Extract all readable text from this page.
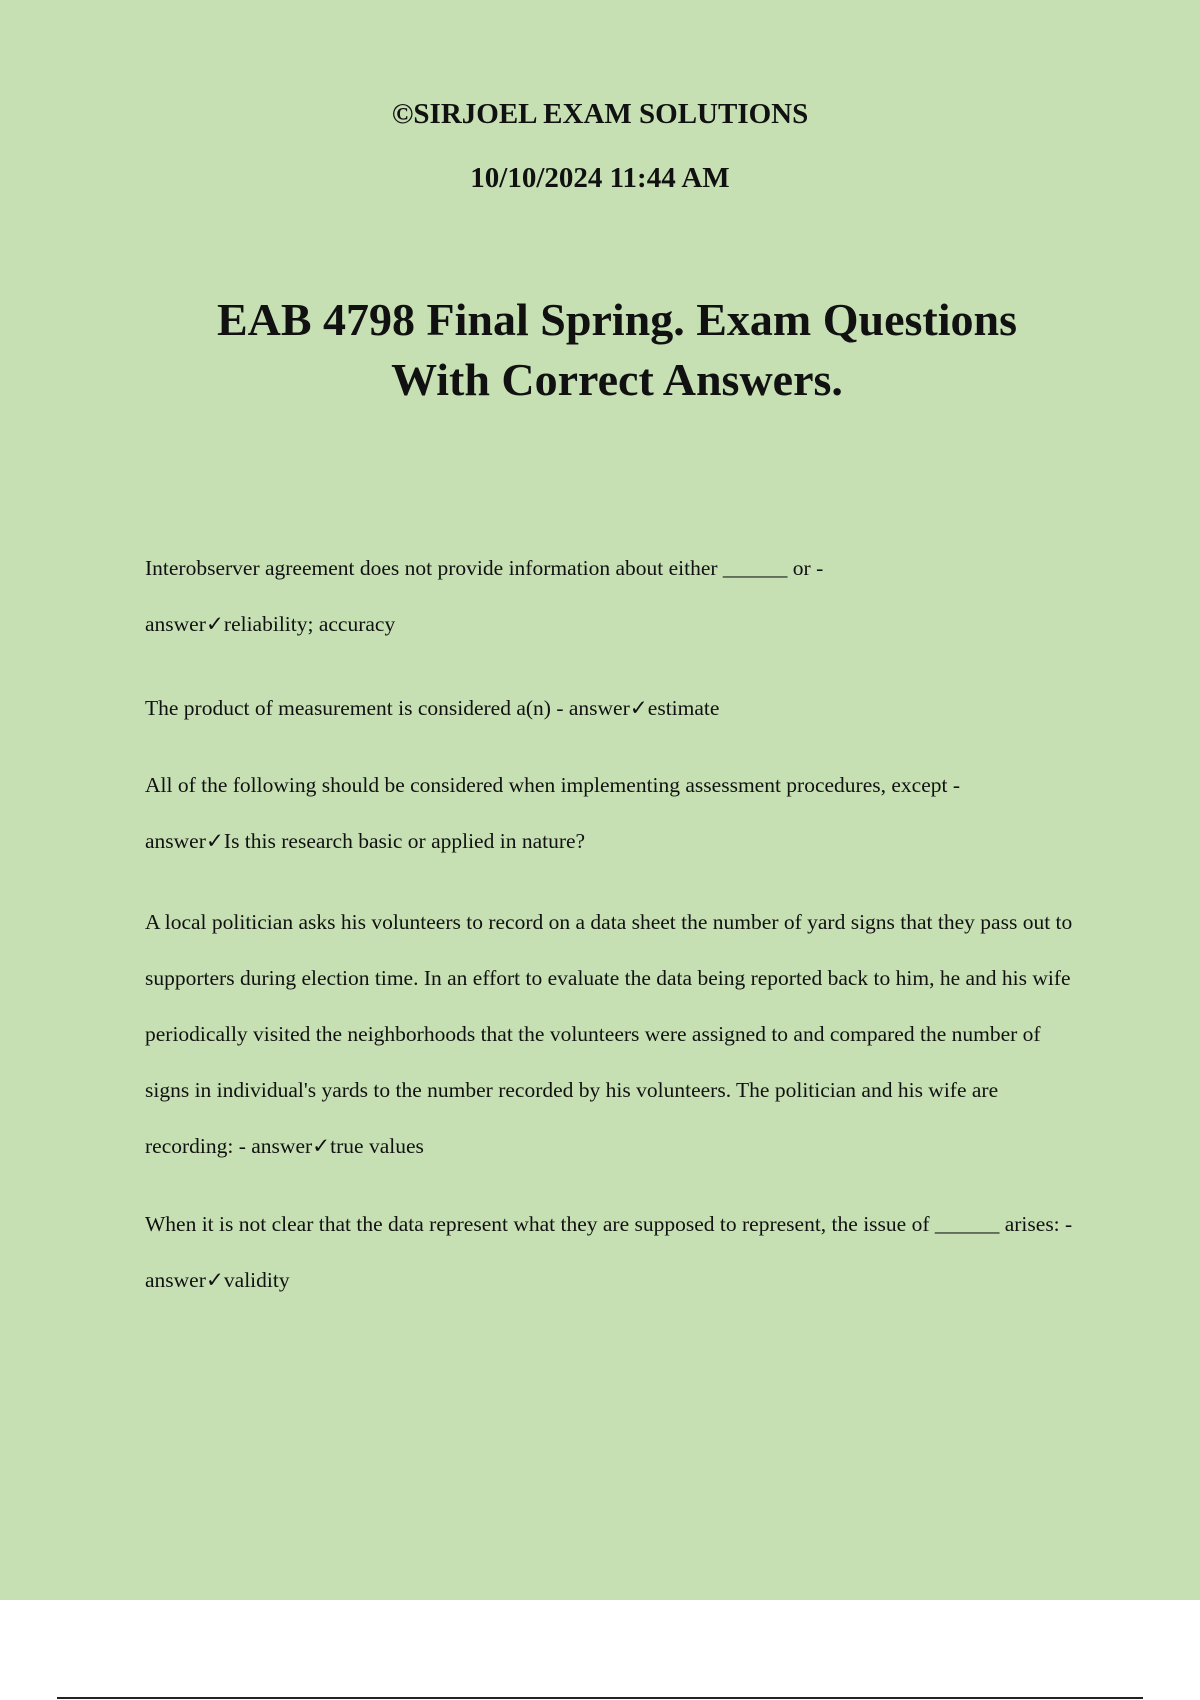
©SIRJOEL EXAM SOLUTIONS
10/10/2024 11:44 AM
EAB 4798 Final Spring. Exam Questions
With Correct Answers.
Interobserver agreement does not provide information about either ______ or -
answer✓reliability; accuracy
The product of measurement is considered a(n) - answer✓estimate
All of the following should be considered when implementing assessment procedures, except -
answer✓Is this research basic or applied in nature?
A local politician asks his volunteers to record on a data sheet the number of yard signs that they pass out to supporters during election time. In an effort to evaluate the data being reported back to him, he and his wife periodically visited the neighborhoods that the volunteers were assigned to and compared the number of signs in individual's yards to the number recorded by his volunteers. The politician and his wife are recording: - answer✓true values
When it is not clear that the data represent what they are supposed to represent, the issue of ______ arises: - answer✓validity
